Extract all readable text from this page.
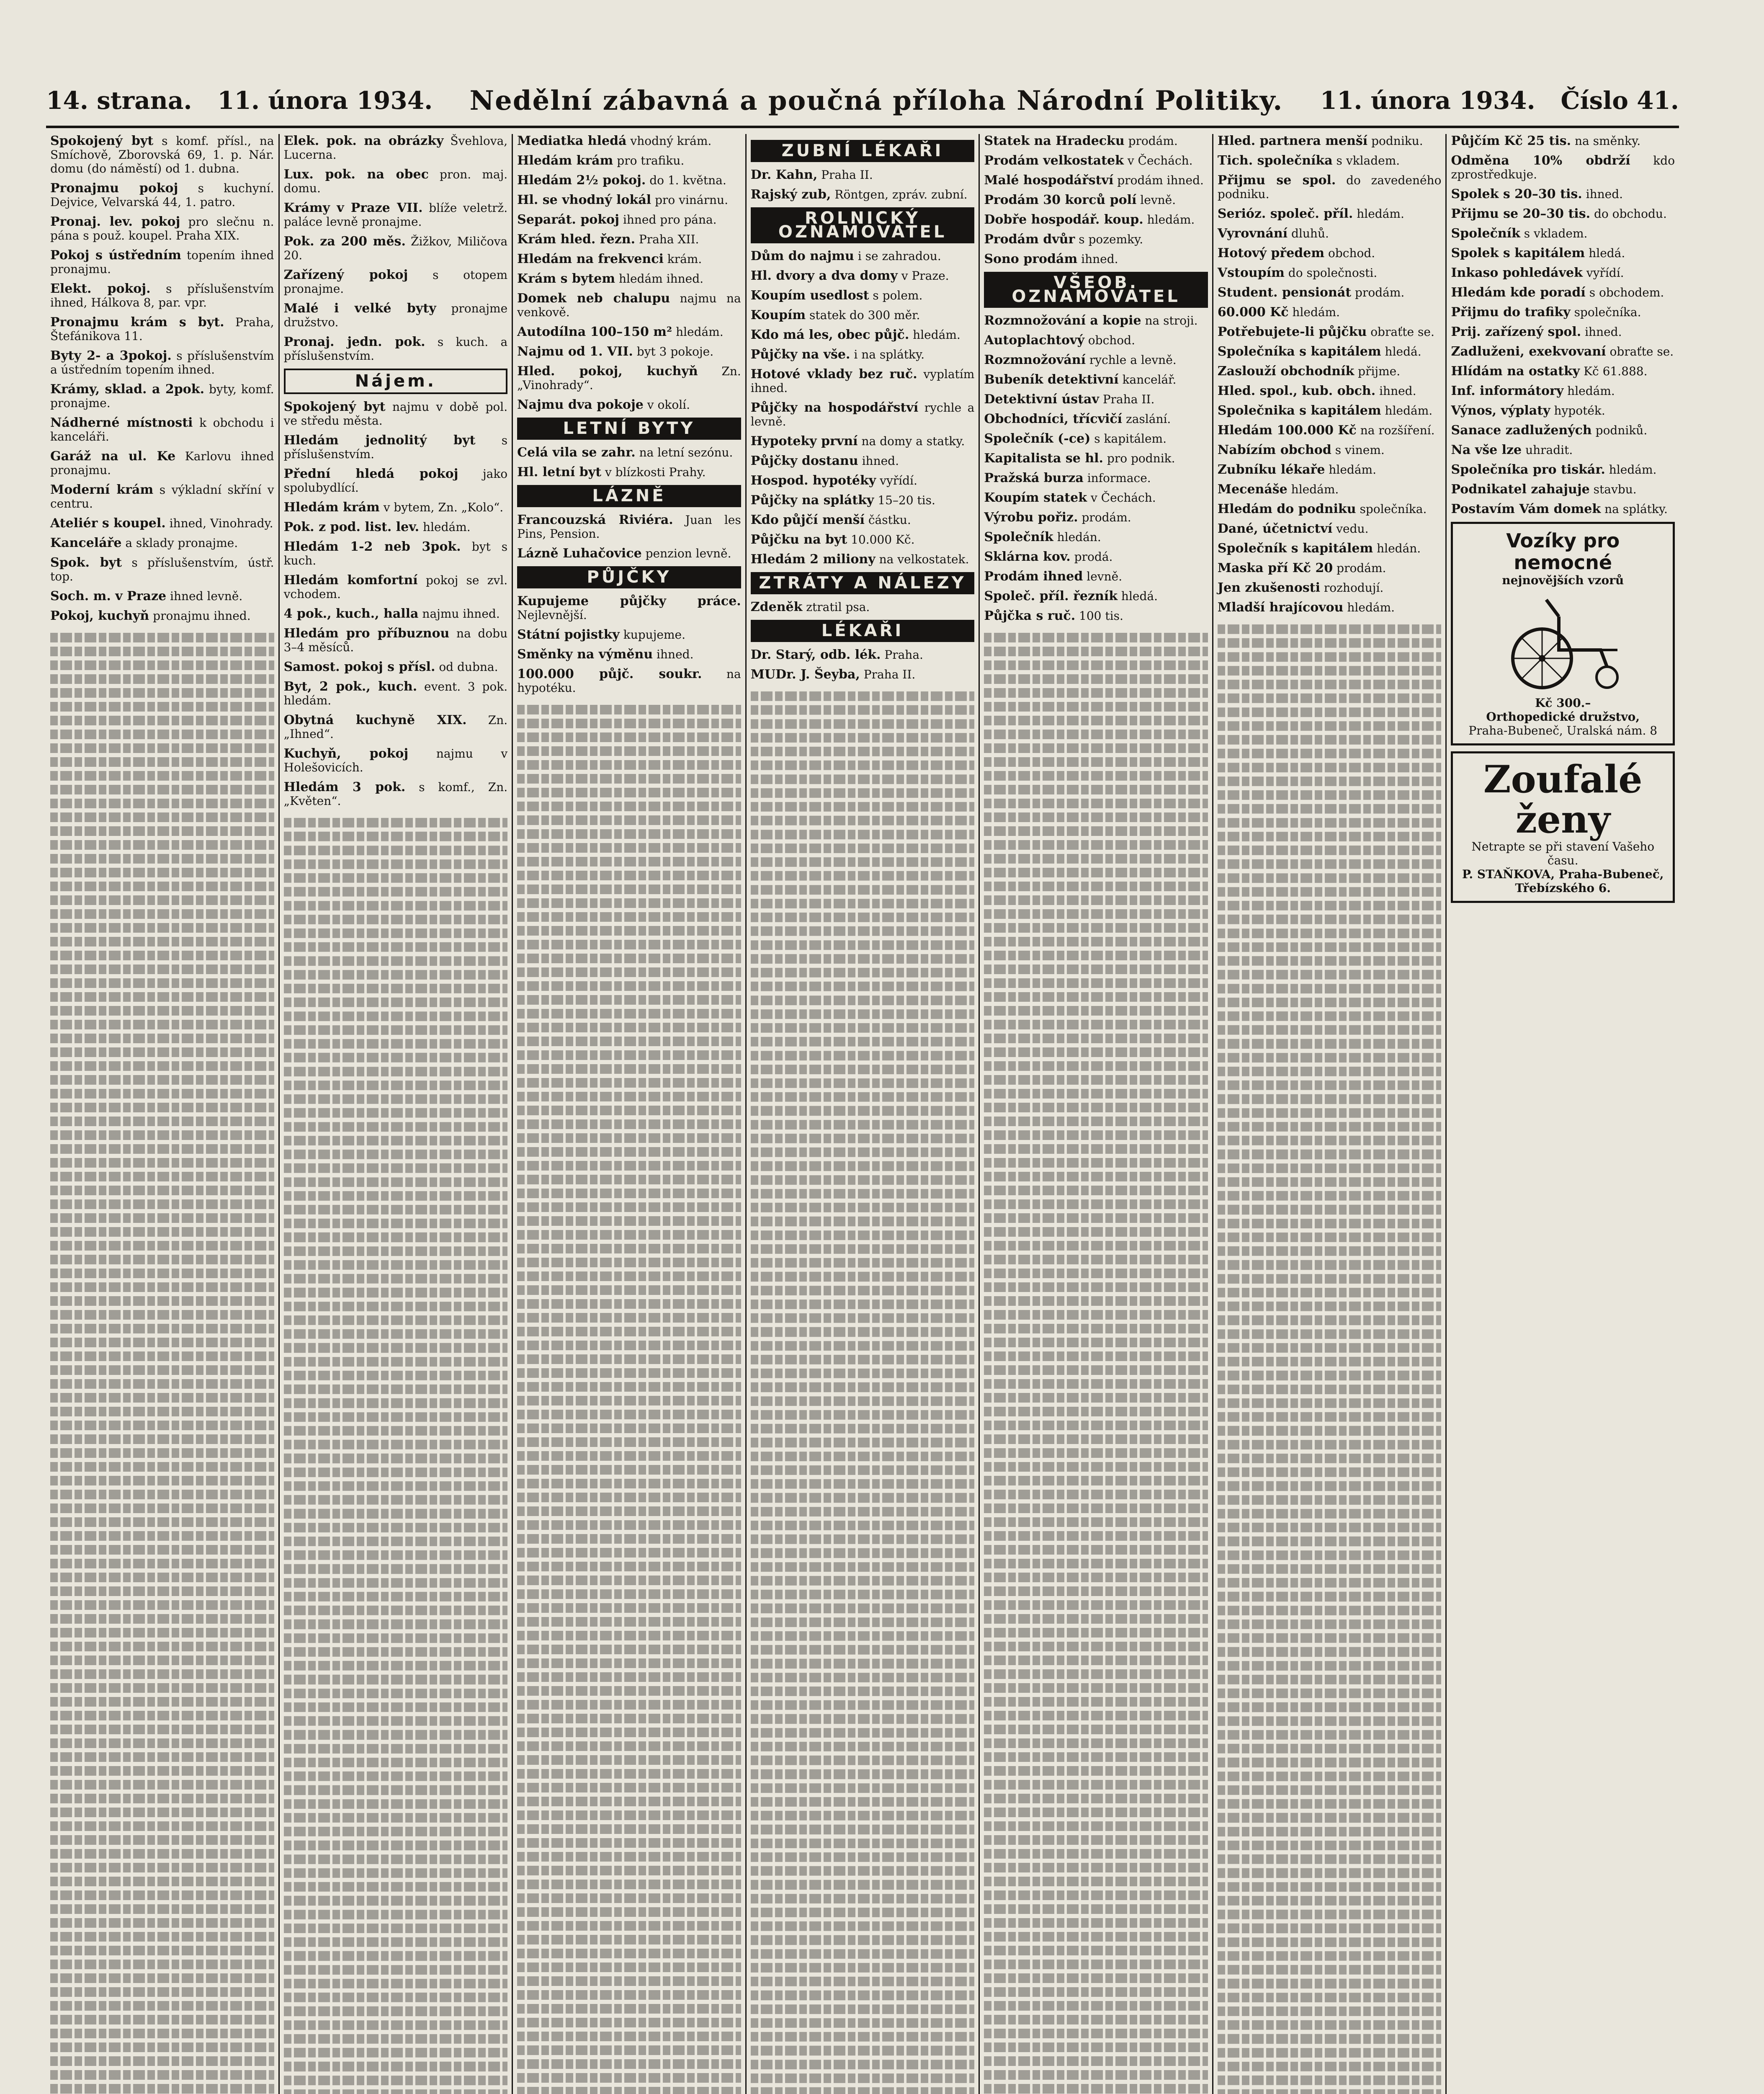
14. strana. 11. února 1934. Nedělní zábavná a poučná příloha Národní Politiky. 11. února 1934. Číslo 41.
Spokojený byt s komf. přísl., na Smíchově, Zborovská 69, 1. p. Nár. domu (do náměstí) od 1. dubna.
Pronajmu pokoj s kuchyní. Dejvice, Velvarská 44, 1. patro.
Pronaj. lev. pokoj pro slečnu n. pána s použ. koupel. Praha XIX.
Pokoj s ústředním topením ihned pronajmu.
Elekt. pokoj. s příslušenstvím ihned, Hálkova 8, par. vpr.
Pronajmu krám s byt. Praha, Štefánikova 11.
Byty 2- a 3pokoj. s příslušenstvím a ústředním topením ihned.
Krámy, sklad. a 2pok. byty, komf. pronajme.
Nádherné místnosti k obchodu i kanceláři.
Garáž na ul. Ke Karlovu ihned pronajmu.
Moderní krám s výkladní skříní v centru.
Ateliér s koupel. ihned, Vinohrady.
Kanceláře a sklady pronajme.
Spok. byt s příslušenstvím, ústř. top.
Soch. m. v Praze ihned levně.
Pokoj, kuchyň pronajmu ihned.
Elek. pok. na obrázky Švehlova, Lucerna.
Lux. pok. na obec pron. maj. domu.
Krámy v Praze VII. blíže veletrž. paláce levně pronajme.
Pok. za 200 měs. Žižkov, Miličova 20.
Zařízený pokoj s otopem pronajme.
Malé i velké byty pronajme družstvo.
Pronaj. jedn. pok. s kuch. a příslušenstvím.
Nájem.
Spokojený byt najmu v době pol. ve středu města.
Hledám jednolitý byt s příslušenstvím.
Přední hledá pokoj jako spolubydlící.
Hledám krám v bytem, Zn. „Kolo“.
Pok. z pod. list. lev. hledám.
Hledám 1-2 neb 3pok. byt s kuch.
Hledám komfortní pokoj se zvl. vchodem.
4 pok., kuch., halla najmu ihned.
Hledám pro příbuznou na dobu 3–4 měsíců.
Samost. pokoj s přísl. od dubna.
Byt, 2 pok., kuch. event. 3 pok. hledám.
Obytná kuchyně XIX. Zn. „Ihned“.
Kuchyň, pokoj najmu v Holešovicích.
Hledám 3 pok. s komf., Zn. „Květen“.
Mediatka hledá vhodný krám.
Hledám krám pro trafiku.
Hledám 2½ pokoj. do 1. května.
Hl. se vhodný lokál pro vinárnu.
Separát. pokoj ihned pro pána.
Krám hled. řezn. Praha XII.
Hledám na frekvenci krám.
Krám s bytem hledám ihned.
Domek neb chalupu najmu na venkově.
Autodílna 100–150 m² hledám.
Najmu od 1. VII. byt 3 pokoje.
Hled. pokoj, kuchyň Zn. „Vinohrady“.
Najmu dva pokoje v okolí.
LETNÍ BYTY
Celá vila se zahr. na letní sezónu.
Hl. letní byt v blízkosti Prahy.
LÁZNĚ
Francouzská Riviéra. Juan les Pins, Pension.
Lázně Luhačovice penzion levně.
PŮJČKY
Kupujeme půjčky práce. Nejlevnější.
Státní pojistky kupujeme.
Směnky na výměnu ihned.
100.000 půjč. soukr. na hypotéku.
ZUBNÍ LÉKAŘI
Dr. Kahn, Praha II.
Rajský zub, Röntgen, zpráv. zubní.
ROLNICKÝ OZNAMOVATEL
Dům do najmu i se zahradou.
Hl. dvory a dva domy v Praze.
Koupím usedlost s polem.
Koupím statek do 300 měr.
Kdo má les, obec půjč. hledám.
Půjčky na vše. i na splátky.
Hotové vklady bez ruč. vyplatím ihned.
Půjčky na hospodářství rychle a levně.
Hypoteky první na domy a statky.
Půjčky dostanu ihned.
Hospod. hypotéky vyřídí.
Půjčky na splátky 15–20 tis.
Kdo půjčí menší částku.
Půjčku na byt 10.000 Kč.
Hledám 2 miliony na velkostatek.
ZTRÁTY A NÁLEZY
Zdeněk ztratil psa.
LÉKAŘI
Dr. Starý, odb. lék. Praha.
MUDr. J. Šeyba, Praha II.
Statek na Hradecku prodám.
Prodám velkostatek v Čechách.
Malé hospodářství prodám ihned.
Prodám 30 korců polí levně.
Dobře hospodář. koup. hledám.
Prodám dvůr s pozemky.
Sono prodám ihned.
VŠEOB. OZNAMOVATEL
Rozmnožování a kopie na stroji.
Autoplachtový obchod.
Rozmnožování rychle a levně.
Bubeník detektivní kancelář.
Detektivní ústav Praha II.
Obchodníci, třícvičí zaslání.
Společník (-ce) s kapitálem.
Kapitalista se hl. pro podnik.
Pražská burza informace.
Koupím statek v Čechách.
Výrobu pořiz. prodám.
Společník hledán.
Sklárna kov. prodá.
Prodám ihned levně.
Společ. příl. řezník hledá.
Půjčka s ruč. 100 tis.
Hled. partnera menší podniku.
Tich. společníka s vkladem.
Přijmu se spol. do zavedeného podniku.
Serióz. společ. příl. hledám.
Vyrovnání dluhů.
Hotový předem obchod.
Vstoupím do společnosti.
Student. pensionát prodám.
60.000 Kč hledám.
Potřebujete-li půjčku obraťte se.
Společníka s kapitálem hledá.
Zaslouží obchodník přijme.
Hled. spol., kub. obch. ihned.
Společnika s kapitálem hledám.
Hledám 100.000 Kč na rozšíření.
Nabízím obchod s vinem.
Zubníku lékaře hledám.
Mecenáše hledám.
Hledám do podniku společníka.
Dané, účetnictví vedu.
Společník s kapitálem hledán.
Maska pří Kč 20 prodám.
Jen zkušenosti rozhodují.
Mladší hrajícovou hledám.
Půjčím Kč 25 tis. na směnky.
Odměna 10% obdrží kdo zprostředkuje.
Spolek s 20–30 tis. ihned.
Přijmu se 20–30 tis. do obchodu.
Společník s vkladem.
Spolek s kapitálem hledá.
Inkaso pohledávek vyřídí.
Hledám kde poradí s obchodem.
Přijmu do trafiky společníka.
Prij. zařízený spol. ihned.
Zadluženi, exekvovaní obraťte se.
Hlídám na ostatky Kč 61.888.
Inf. informátory hledám.
Výnos, výplaty hypoték.
Sanace zadlužených podniků.
Na vše lze uhradit.
Společníka pro tiskár. hledám.
Podnikatel zahajuje stavbu.
Postavím Vám domek na splátky.
Vozíky pro nemocné
nejnovějších vzorů
Kč 300.–
Orthopedické družstvo,
Praha-Bubeneč, Uralská nám. 8
Zoufalé ženy
Netrapte se při stavení Vašeho času.
P. STAŇKOVA, Praha-Bubeneč, Třebízského 6.
